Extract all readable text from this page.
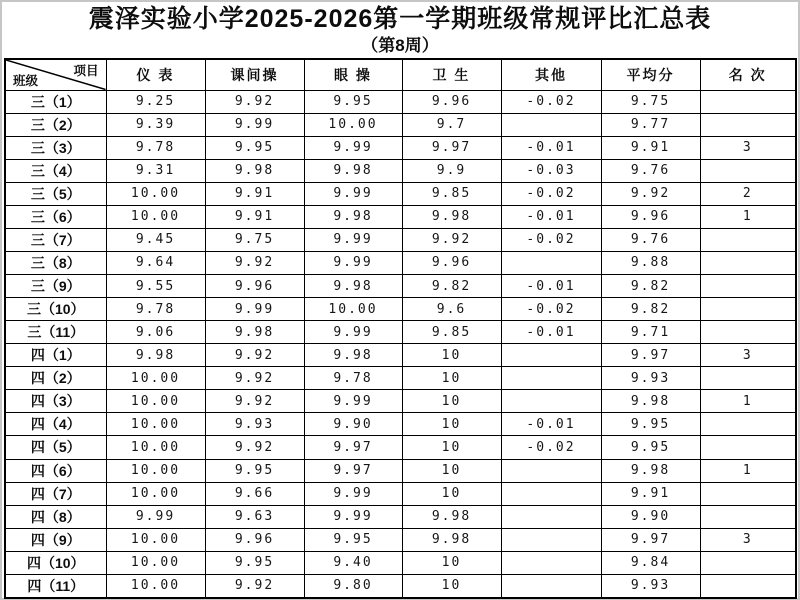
震泽实验小学2025-2026第一学期班级常规评比汇总表
（第8周）
项目
班级	仪 表	课间操	眼 操	卫 生	其他	平均分	名 次
三（1）	9.25	9.92	9.95	9.96	-0.02	9.75	
三（2）	9.39	9.99	10.00	9.7		9.77	
三（3）	9.78	9.95	9.99	9.97	-0.01	9.91	3
三（4）	9.31	9.98	9.98	9.9	-0.03	9.76	
三（5）	10.00	9.91	9.99	9.85	-0.02	9.92	2
三（6）	10.00	9.91	9.98	9.98	-0.01	9.96	1
三（7）	9.45	9.75	9.99	9.92	-0.02	9.76	
三（8）	9.64	9.92	9.99	9.96		9.88	
三（9）	9.55	9.96	9.98	9.82	-0.01	9.82	
三（10）	9.78	9.99	10.00	9.6	-0.02	9.82	
三（11）	9.06	9.98	9.99	9.85	-0.01	9.71	
四（1）	9.98	9.92	9.98	10		9.97	3
四（2）	10.00	9.92	9.78	10		9.93	
四（3）	10.00	9.92	9.99	10		9.98	1
四（4）	10.00	9.93	9.90	10	-0.01	9.95	
四（5）	10.00	9.92	9.97	10	-0.02	9.95	
四（6）	10.00	9.95	9.97	10		9.98	1
四（7）	10.00	9.66	9.99	10		9.91	
四（8）	9.99	9.63	9.99	9.98		9.90	
四（9）	10.00	9.96	9.95	9.98		9.97	3
四（10）	10.00	9.95	9.40	10		9.84	
四（11）	10.00	9.92	9.80	10		9.93	
